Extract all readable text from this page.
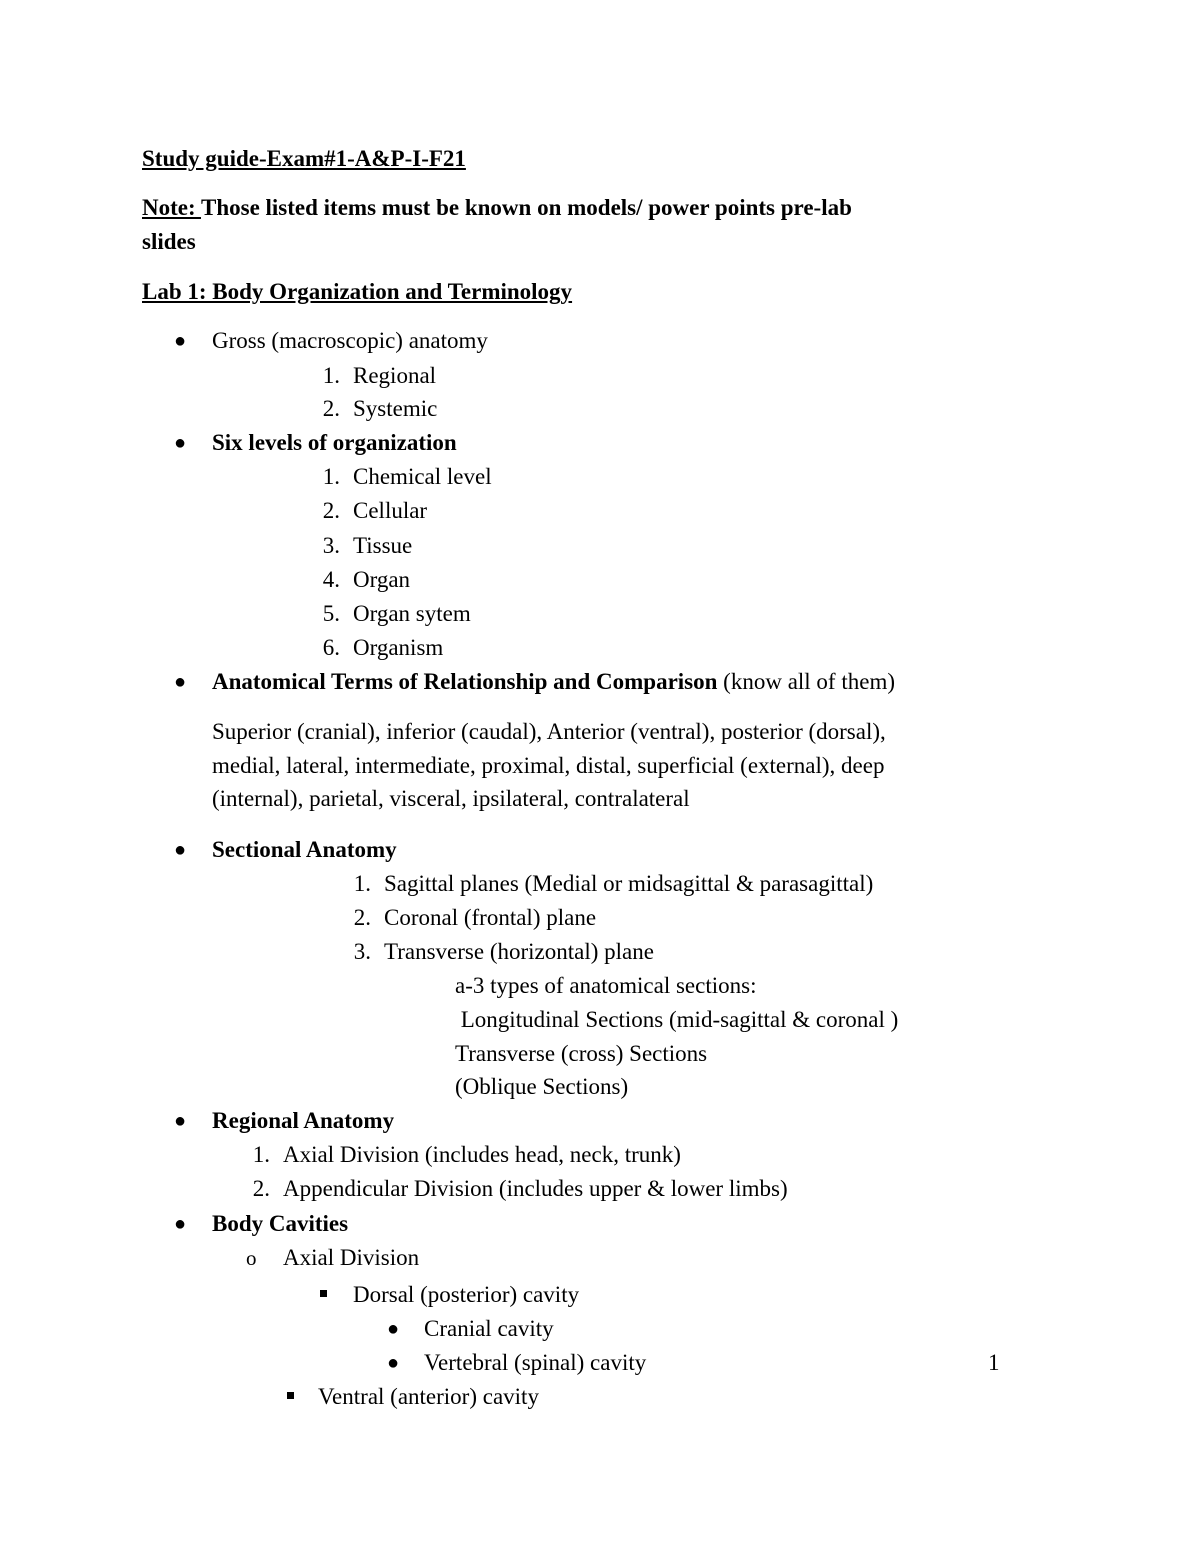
Study guide-Exam#1-A&P-I-F21
Note: Those listed items must be known on models/ power points pre-lab
slides
Lab 1: Body Organization and Terminology
● Gross (macroscopic) anatomy
1. Regional
2. Systemic
● Six levels of organization
1. Chemical level
2. Cellular
3. Tissue
4. Organ
5. Organ sytem
6. Organism
● Anatomical Terms of Relationship and Comparison (know all of them)
Superior (cranial), inferior (caudal), Anterior (ventral), posterior (dorsal),
medial, lateral, intermediate, proximal, distal, superficial (external), deep
(internal), parietal, visceral, ipsilateral, contralateral
● Sectional Anatomy
1. Sagittal planes (Medial or midsagittal & parasagittal)
2. Coronal (frontal) plane
3. Transverse (horizontal) plane
a-3 types of anatomical sections:
Longitudinal Sections (mid-sagittal & coronal )
Transverse (cross) Sections
(Oblique Sections)
● Regional Anatomy
1. Axial Division (includes head, neck, trunk)
2. Appendicular Division (includes upper & lower limbs)
● Body Cavities
o Axial Division
Dorsal (posterior) cavity
● Cranial cavity
● Vertebral (spinal) cavity	1
Ventral (anterior) cavity
